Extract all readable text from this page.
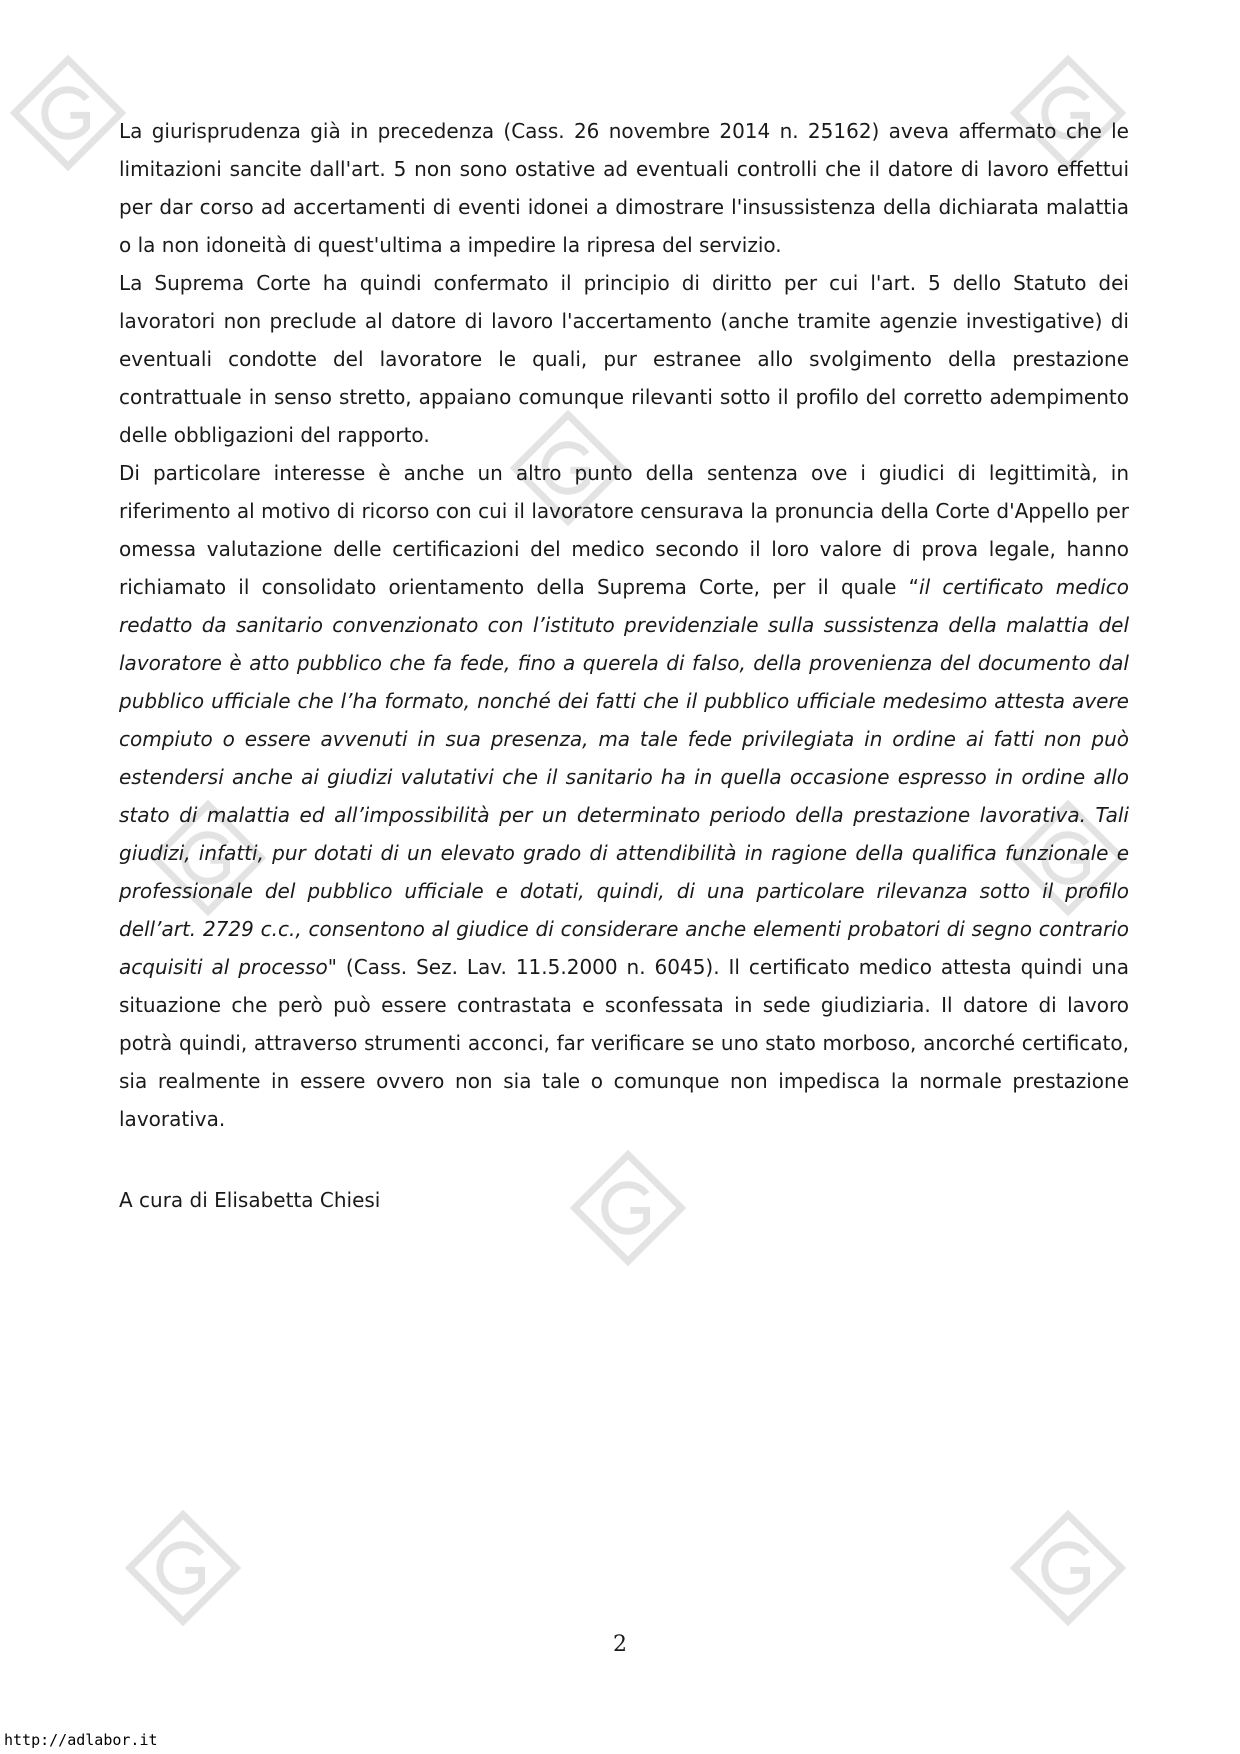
La giurisprudenza già in precedenza (Cass. 26 novembre 2014 n. 25162) aveva affermato che le limitazioni sancite dall'art. 5 non sono ostative ad eventuali controlli che il datore di lavoro effettui per dar corso ad accertamenti di eventi idonei a dimostrare l'insussistenza della dichiarata malattia o la non idoneità di quest'ultima a impedire la ripresa del servizio.

La Suprema Corte ha quindi confermato il principio di diritto per cui l'art. 5 dello Statuto dei lavoratori non preclude al datore di lavoro l'accertamento (anche tramite agenzie investigative) di eventuali condotte del lavoratore le quali, pur estranee allo svolgimento della prestazione contrattuale in senso stretto, appaiano comunque rilevanti sotto il profilo del corretto adempimento delle obbligazioni del rapporto.

Di particolare interesse è anche un altro punto della sentenza ove i giudici di legittimità, in riferimento al motivo di ricorso con cui il lavoratore censurava la pronuncia della Corte d'Appello per omessa valutazione delle certificazioni del medico secondo il loro valore di prova legale, hanno richiamato il consolidato orientamento della Suprema Corte, per il quale “il certificato medico redatto da sanitario convenzionato con l’istituto previdenziale sulla sussistenza della malattia del lavoratore è atto pubblico che fa fede, fino a querela di falso, della provenienza del documento dal pubblico ufficiale che l’ha formato, nonché dei fatti che il pubblico ufficiale medesimo attesta avere compiuto o essere avvenuti in sua presenza, ma tale fede privilegiata in ordine ai fatti non può estendersi anche ai giudizi valutativi che il sanitario ha in quella occasione espresso in ordine allo stato di malattia ed all’impossibilità per un determinato periodo della prestazione lavorativa. Tali giudizi, infatti, pur dotati di un elevato grado di attendibilità in ragione della qualifica funzionale e professionale del pubblico ufficiale e dotati, quindi, di una particolare rilevanza sotto il profilo dell’art. 2729 c.c., consentono al giudice di considerare anche elementi probatori di segno contrario acquisiti al processo" (Cass. Sez. Lav. 11.5.2000 n. 6045). Il certificato medico attesta quindi una situazione che però può essere contrastata e sconfessata in sede giudiziaria. Il datore di lavoro potrà quindi, attraverso strumenti acconci, far verificare se uno stato morboso, ancorché certificato, sia realmente in essere ovvero non sia tale o comunque non impedisca la normale prestazione lavorativa.

A cura di Elisabetta Chiesi
2
http://adlabor.it
